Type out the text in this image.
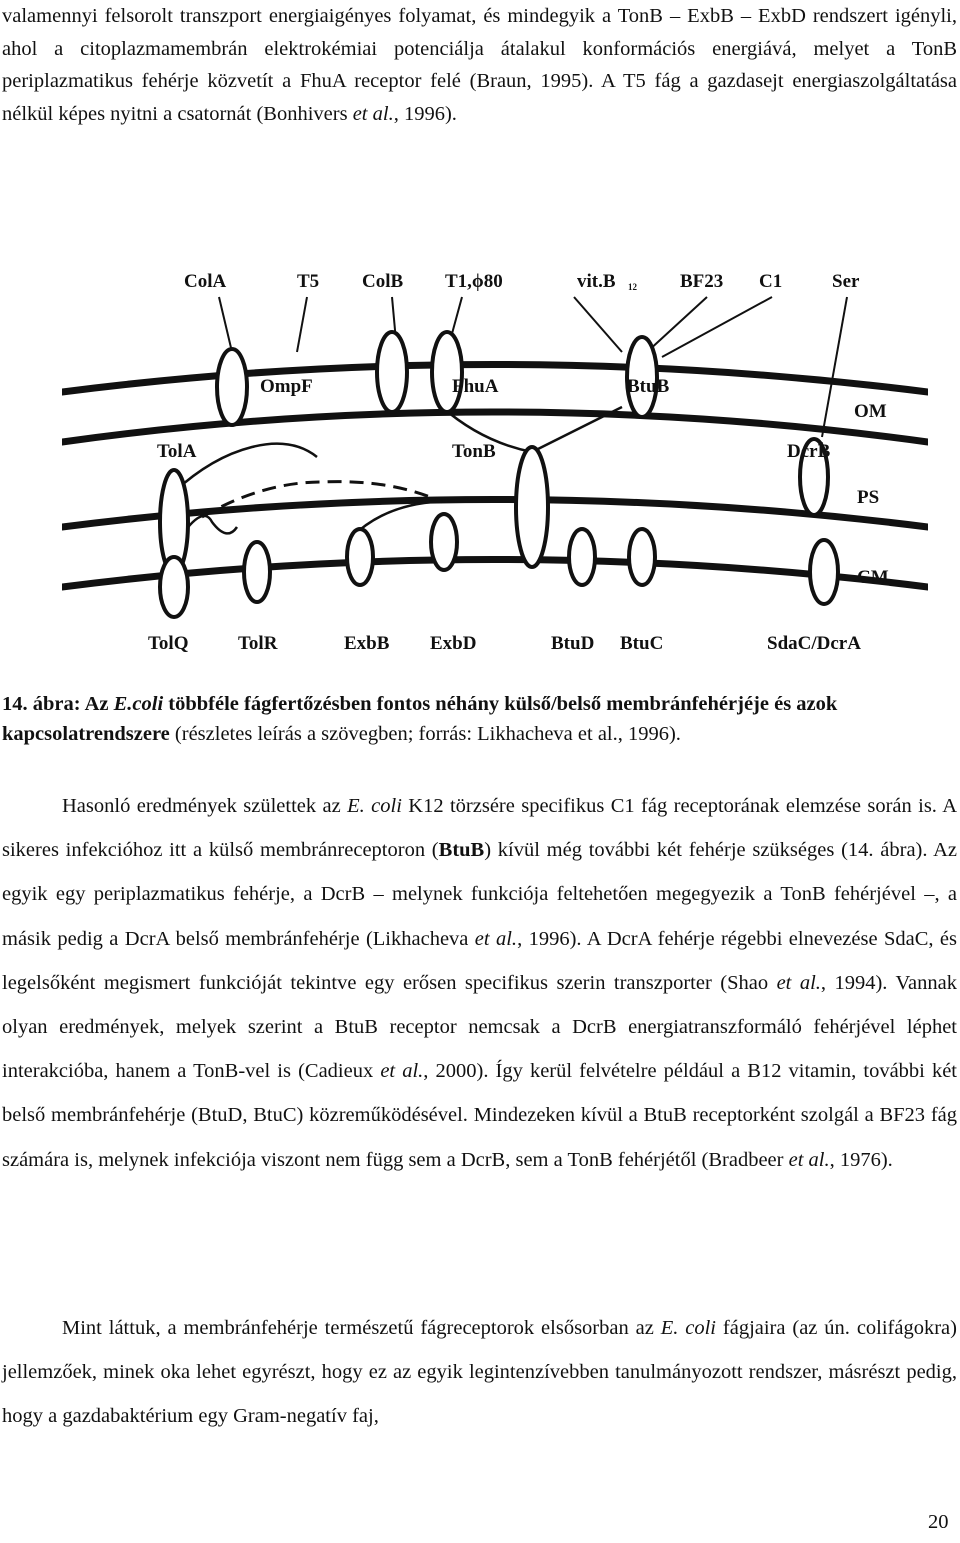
valamennyi felsorolt transzport energiaigényes folyamat, és mindegyik a TonB – ExbB – ExbD rendszert igényli, ahol a citoplazmamembrán elektrokémiai potenciálja átalakul konformációs energiává, melyet a TonB periplazmatikus fehérje közvetít a FhuA receptor felé (Braun, 1995). A T5 fág a gazdasejt energiaszolgáltatása nélkül képes nyitni a csatornát (Bonhivers et al., 1996).

ColA	T5 ColB T1,ϕ80	vit.B 12 BF23 C1	Ser
OmpF	FhuA	BtuB
OM
TolA	TonB	DcrB
PS
CM
TolQ	TolR	ExbB ExbD	BtuD BtuC	SdaC/DcrA

14. ábra: Az E.coli többféle fágfertőzésben fontos néhány külső/belső membránfehérjéje és azok kapcsolatrendszere (részletes leírás a szövegben; forrás: Likhacheva et al., 1996).

Hasonló eredmények születtek az E. coli K12 törzsére specifikus C1 fág receptorának elemzése során is. A sikeres infekcióhoz itt a külső membránreceptoron (BtuB) kívül még további két fehérje szükséges (14. ábra). Az egyik egy periplazmatikus fehérje, a DcrB – melynek funkciója feltehetően megegyezik a TonB fehérjével –, a másik pedig a DcrA belső membránfehérje (Likhacheva et al., 1996). A DcrA fehérje régebbi elnevezése SdaC, és legelsőként megismert funkcióját tekintve egy erősen specifikus szerin transzporter (Shao et al., 1994). Vannak olyan eredmények, melyek szerint a BtuB receptor nemcsak a DcrB energiatranszformáló fehérjével léphet interakcióba, hanem a TonB-vel is (Cadieux et al., 2000). Így kerül felvételre például a B12 vitamin, további két belső membránfehérje (BtuD, BtuC) közreműködésével. Mindezeken kívül a BtuB receptorként szolgál a BF23 fág számára is, melynek infekciója viszont nem függ sem a DcrB, sem a TonB fehérjétől (Bradbeer et al., 1976).

Mint láttuk, a membránfehérje természetű fágreceptorok elsősorban az E. coli fágjaira (az ún. colifágokra) jellemzőek, minek oka lehet egyrészt, hogy ez az egyik legintenzívebben tanulmányozott rendszer, másrészt pedig, hogy a gazdabaktérium egy Gram-negatív faj,

20
